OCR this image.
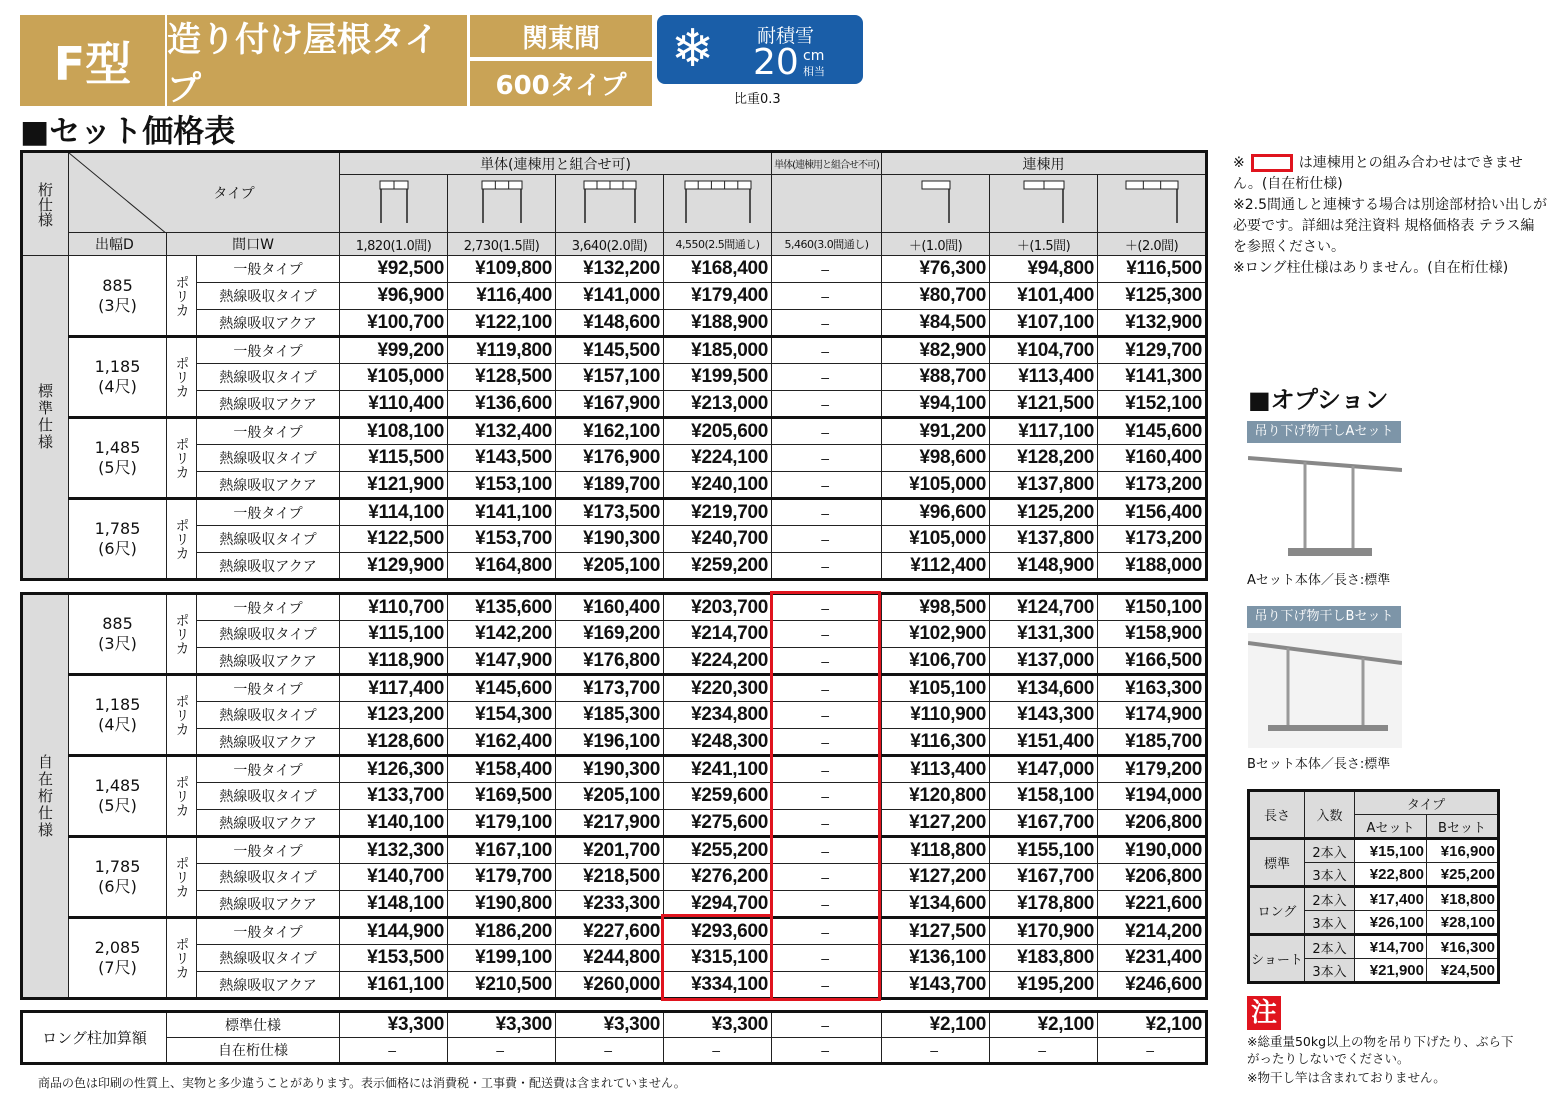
F型	造り付け屋根タイプ
関東間
600タイプ
❄ 耐積雪
20 cm
相当
比重0.3
■セット価格表
桁仕様	タイプ			単体(連棟用と組合せ可)				単体(連棟用と組合せ不可)	連棟用		

	出幅D	間口W		1,820(1.0間)	2,730(1.5間)	3,640(2.0間)	4,550(2.5間通し)	5,460(3.0間通し)	＋(1.0間)	＋(1.5間)	＋(2.0間)
標準仕様	885
(3尺)	ポリカ	一般タイプ	¥92,500	¥109,800	¥132,200	¥168,400	–	¥76,300	¥94,800	¥116,500
			熱線吸収タイプ	¥96,900	¥116,400	¥141,000	¥179,400	–	¥80,700	¥101,400	¥125,300
			熱線吸収アクア	¥100,700	¥122,100	¥148,600	¥188,900	–	¥84,500	¥107,100	¥132,900

	1,185
(4尺)	ポリカ	一般タイプ	¥99,200	¥119,800	¥145,500	¥185,000	–	¥82,900	¥104,700	¥129,700
			熱線吸収タイプ	¥105,000	¥128,500	¥157,100	¥199,500	–	¥88,700	¥113,400	¥141,300
			熱線吸収アクア	¥110,400	¥136,600	¥167,900	¥213,000	–	¥94,100	¥121,500	¥152,100

	1,485
(5尺)	ポリカ	一般タイプ	¥108,100	¥132,400	¥162,100	¥205,600	–	¥91,200	¥117,100	¥145,600
			熱線吸収タイプ	¥115,500	¥143,500	¥176,900	¥224,100	–	¥98,600	¥128,200	¥160,400
			熱線吸収アクア	¥121,900	¥153,100	¥189,700	¥240,100	–	¥105,000	¥137,800	¥173,200

	1,785
(6尺)	ポリカ	一般タイプ	¥114,100	¥141,100	¥173,500	¥219,700	–	¥96,600	¥125,200	¥156,400
			熱線吸収タイプ	¥122,500	¥153,700	¥190,300	¥240,700	–	¥105,000	¥137,800	¥173,200
			熱線吸収アクア	¥129,900	¥164,800	¥205,100	¥259,200	–	¥112,400	¥148,900	¥188,000
自在桁仕様	885
(3尺)	ポリカ	一般タイプ	¥110,700	¥135,600	¥160,400	¥203,700	–	¥98,500	¥124,700	¥150,100
			熱線吸収タイプ	¥115,100	¥142,200	¥169,200	¥214,700	–	¥102,900	¥131,300	¥158,900
			熱線吸収アクア	¥118,900	¥147,900	¥176,800	¥224,200	–	¥106,700	¥137,000	¥166,500

	1,185
(4尺)	ポリカ	一般タイプ	¥117,400	¥145,600	¥173,700	¥220,300	–	¥105,100	¥134,600	¥163,300
			熱線吸収タイプ	¥123,200	¥154,300	¥185,300	¥234,800	–	¥110,900	¥143,300	¥174,900
			熱線吸収アクア	¥128,600	¥162,400	¥196,100	¥248,300	–	¥116,300	¥151,400	¥185,700

	1,485
(5尺)	ポリカ	一般タイプ	¥126,300	¥158,400	¥190,300	¥241,100	–	¥113,400	¥147,000	¥179,200
			熱線吸収タイプ	¥133,700	¥169,500	¥205,100	¥259,600	–	¥120,800	¥158,100	¥194,000
			熱線吸収アクア	¥140,100	¥179,100	¥217,900	¥275,600	–	¥127,200	¥167,700	¥206,800

	1,785
(6尺)	ポリカ	一般タイプ	¥132,300	¥167,100	¥201,700	¥255,200	–	¥118,800	¥155,100	¥190,000
			熱線吸収タイプ	¥140,700	¥179,700	¥218,500	¥276,200	–	¥127,200	¥167,700	¥206,800
			熱線吸収アクア	¥148,100	¥190,800	¥233,300	¥294,700	–	¥134,600	¥178,800	¥221,600

	2,085
(7尺)	ポリカ	一般タイプ	¥144,900	¥186,200	¥227,600	¥293,600	–	¥127,500	¥170,900	¥214,200
			熱線吸収タイプ	¥153,500	¥199,100	¥244,800	¥315,100	–	¥136,100	¥183,800	¥231,400
			熱線吸収アクア	¥161,100	¥210,500	¥260,000	¥334,100	–	¥143,700	¥195,200	¥246,600
ロング柱加算額	標準仕様	¥3,300	¥3,300	¥3,300	¥3,300	–	¥2,100	¥2,100	¥2,100
	自在桁仕様	–	–	–	–	–	–	–	–
商品の色は印刷の性質上、実物と多少違うことがあります。表示価格には消費税・工事費・配送費は含まれていません。
※	は連棟用との組み合わせはできません。(自在桁仕様)
※2.5間通しと連棟する場合は別途部材拾い出しが必要です。詳細は発注資料 規格価格表 テラス編を参照ください。
※ロング柱仕様はありません。(自在桁仕様)
■オプション
吊り下げ物干しAセット
Aセット本体／長さ:標準
吊り下げ物干しBセット
Bセット本体／長さ:標準
長さ	入数	タイプ	
		Aセット	Bセット
標準	2本入	¥15,100	¥16,900
	3本入	¥22,800	¥25,200
ロング	2本入	¥17,400	¥18,800
	3本入	¥26,100	¥28,100
ショート	2本入	¥14,700	¥16,300
	3本入	¥21,900	¥24,500
注
※総重量50kg以上の物を吊り下げたり、ぶら下がったりしないでください。
※物干し竿は含まれておりません。
